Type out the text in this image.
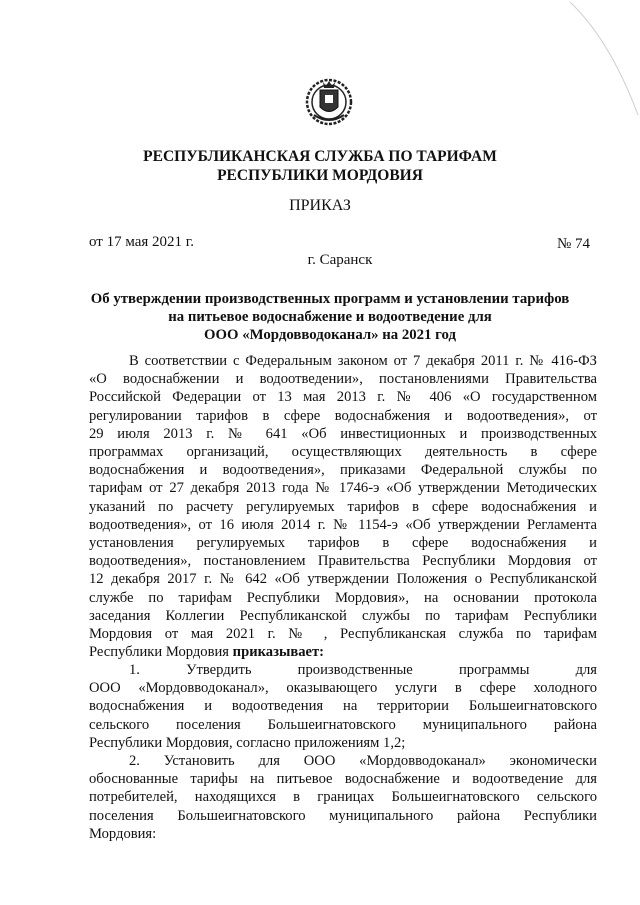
РЕСПУБЛИКАНСКАЯ СЛУЖБА ПО ТАРИФАМ
РЕСПУБЛИКИ МОРДОВИЯ
ПРИКАЗ
от 17 мая 2021 г.	№ 74
г. Саранск
Об утверждении производственных программ и установлении тарифов
на питьевое водоснабжение и водоотведение для
ООО «Мордовводоканал» на 2021 год
В соответствии с Федеральным законом от 7 декабря 2011 г. № 416-ФЗ
«О водоснабжении и водоотведении», постановлениями Правительства
Российской Федерации от 13 мая 2013 г. № 406 «О государственном
регулировании тарифов в сфере водоснабжения и водоотведения», от
29 июля 2013 г. № 641 «Об инвестиционных и производственных
программах организаций, осуществляющих деятельность в сфере
водоснабжения и водоотведения», приказами Федеральной службы по
тарифам от 27 декабря 2013 года № 1746-э «Об утверждении Методических
указаний по расчету регулируемых тарифов в сфере водоснабжения и
водоотведения», от 16 июля 2014 г. № 1154-э «Об утверждении Регламента
установления регулируемых тарифов в сфере водоснабжения и
водоотведения», постановлением Правительства Республики Мордовия от
12 декабря 2017 г. № 642 «Об утверждении Положения о Республиканской
службе по тарифам Республики Мордовия», на основании протокола
заседания Коллегии Республиканской службы по тарифам Республики
Мордовия от мая 2021 г. № , Республиканская служба по тарифам
Республики Мордовия приказывает:
1. Утвердить производственные программы для
ООО «Мордовводоканал», оказывающего услуги в сфере холодного
водоснабжения и водоотведения на территории Большеигнатовского
сельского поселения Большеигнатовского муниципального района
Республики Мордовия, согласно приложениям 1,2;
2. Установить для ООО «Мордовводоканал» экономически
обоснованные тарифы на питьевое водоснабжение и водоотведение для
потребителей, находящихся в границах Большеигнатовского сельского
поселения Большеигнатовского муниципального района Республики
Мордовия:
